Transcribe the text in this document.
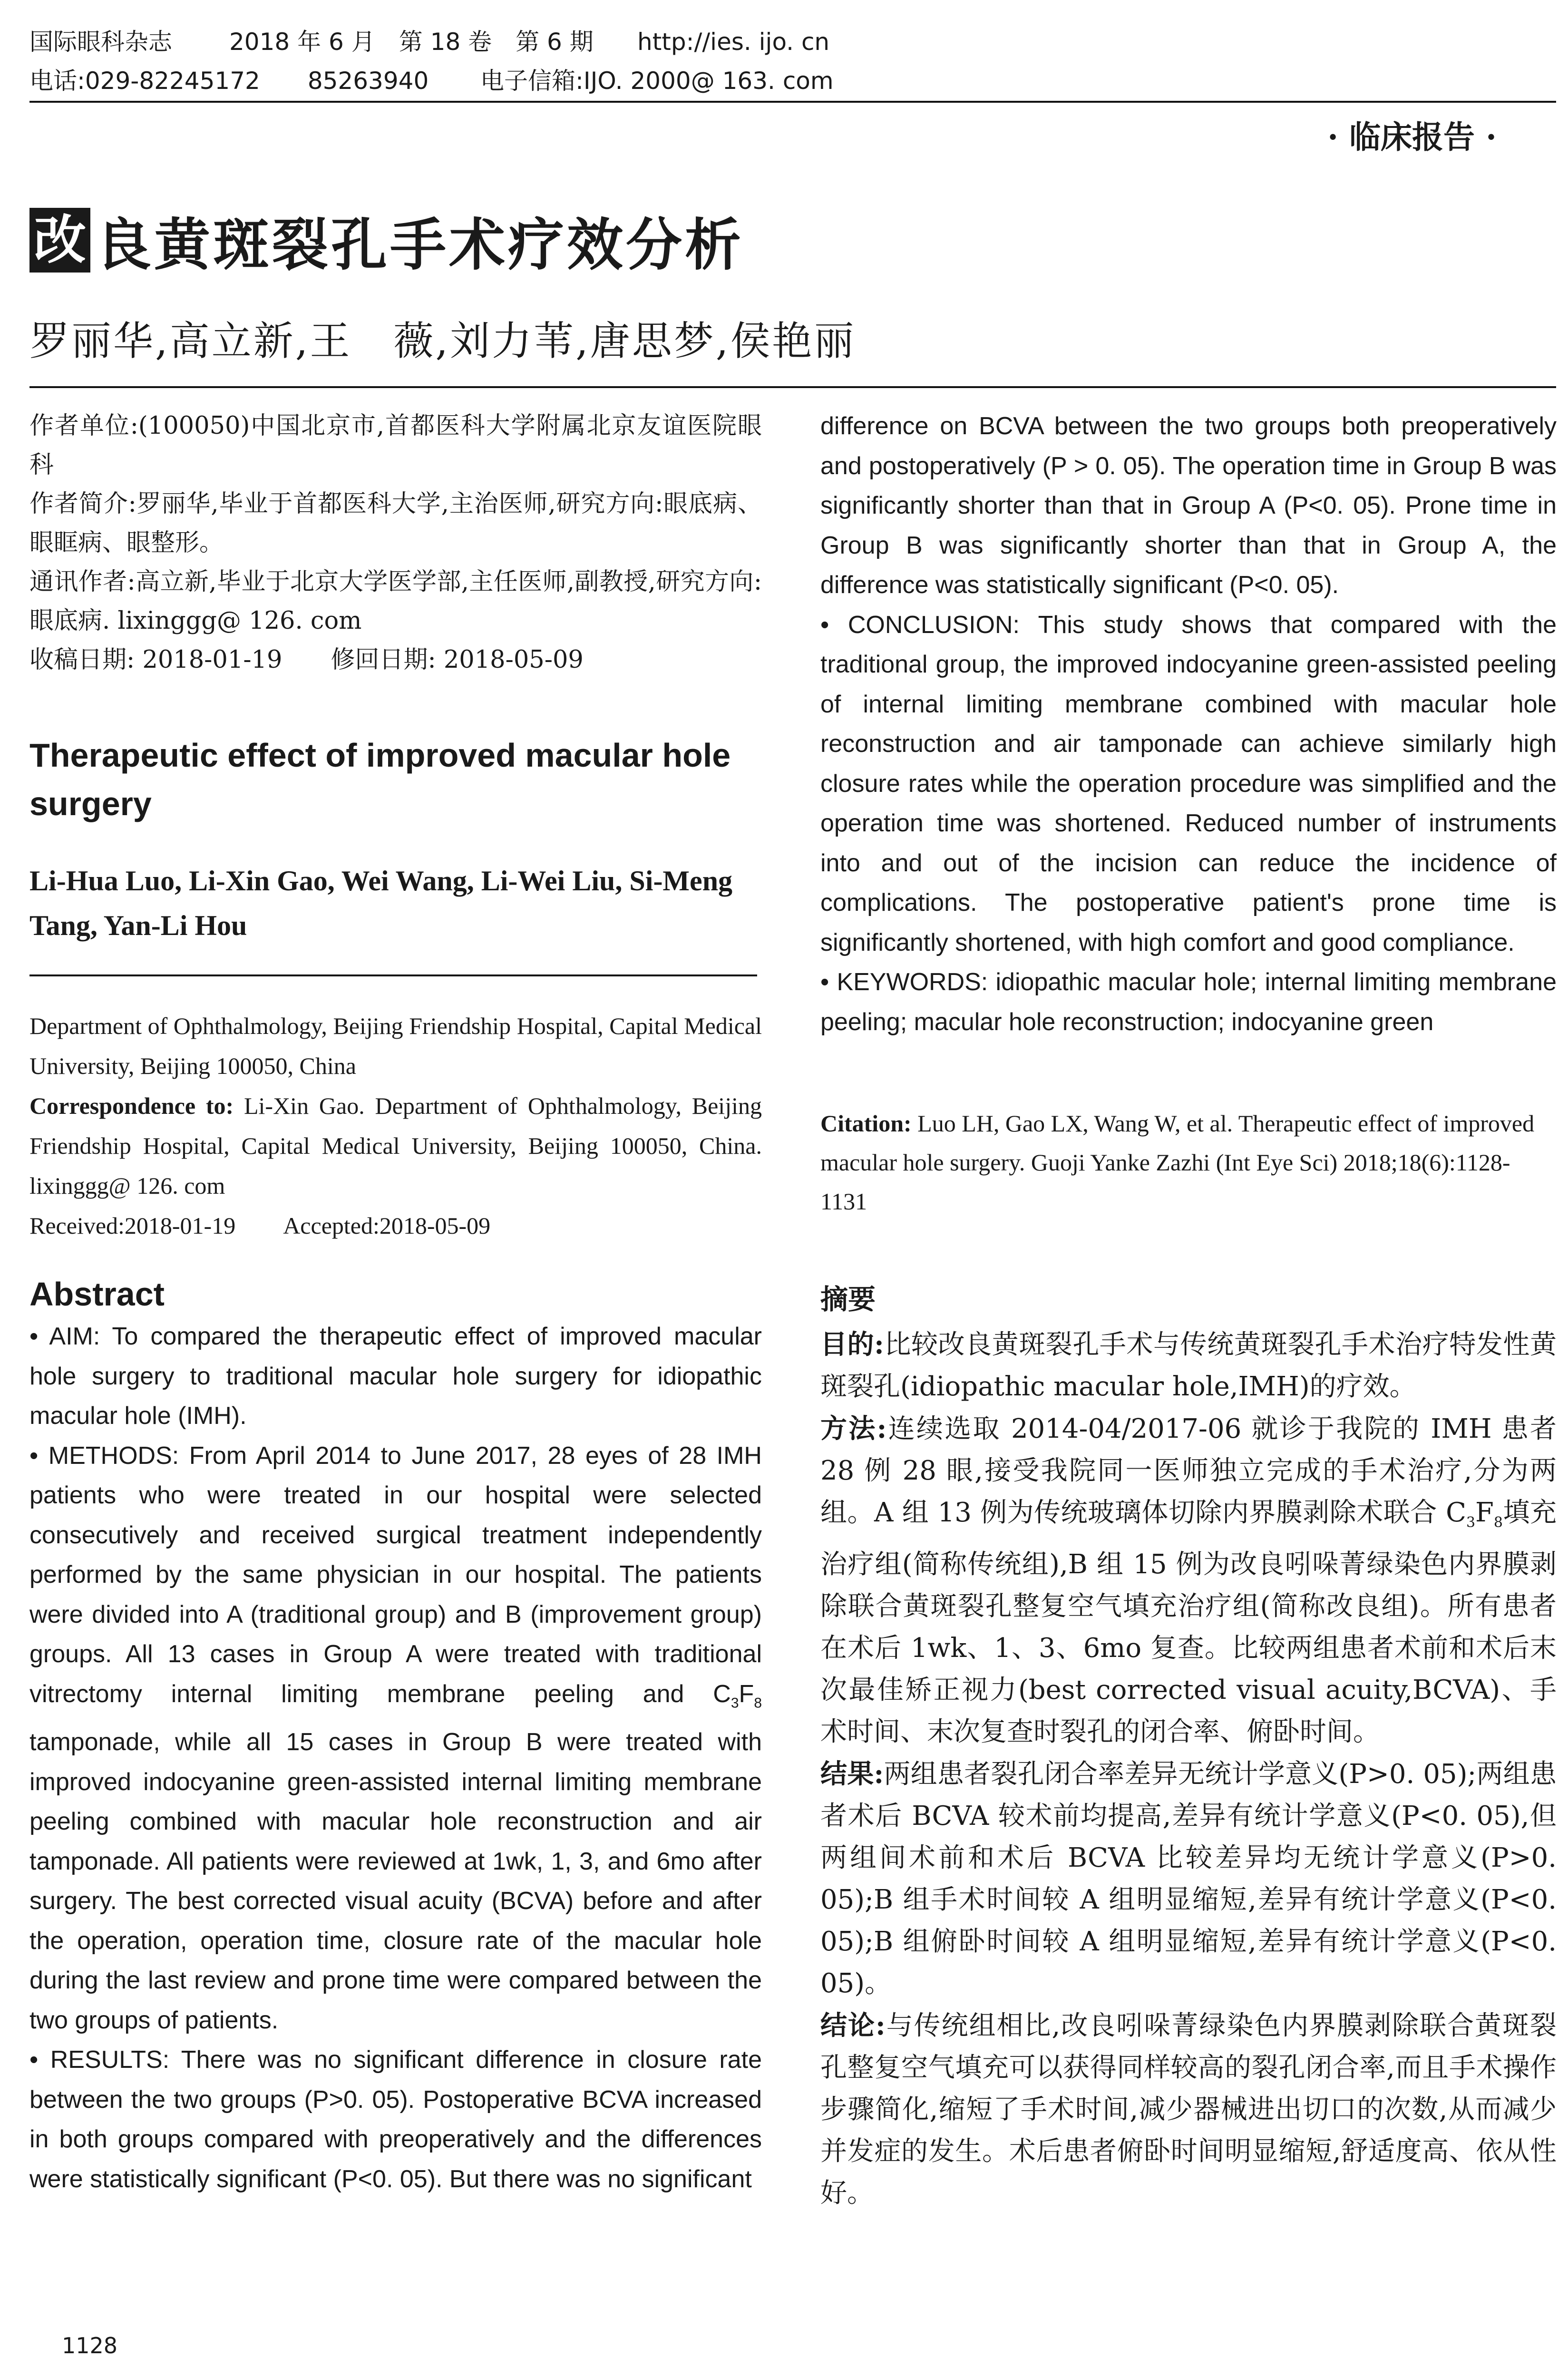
国际眼科杂志 2018 年 6 月　第 18 卷　第 6 期 http://ies. ijo. cn
电话:029-82245172　　85263940 电子信箱:IJO. 2000@ 163. com
· 临床报告 ·
改 良黄斑裂孔手术疗效分析
罗丽华,高立新,王　薇,刘力苇,唐思梦,侯艳丽
作者单位:(100050)中国北京市,首都医科大学附属北京友谊医院眼科
作者简介:罗丽华,毕业于首都医科大学,主治医师,研究方向:眼底病、眼眶病、眼整形。
通讯作者:高立新,毕业于北京大学医学部,主任医师,副教授,研究方向:眼底病. lixinggg@ 126. com
收稿日期: 2018-01-19　　修回日期: 2018-05-09
Therapeutic effect of improved macular hole surgery
Li-Hua Luo, Li-Xin Gao, Wei Wang, Li-Wei Liu, Si-Meng Tang, Yan-Li Hou
Department of Ophthalmology, Beijing Friendship Hospital, Capital Medical University, Beijing 100050, China
Correspondence to: Li-Xin Gao. Department of Ophthalmology, Beijing Friendship Hospital, Capital Medical University, Beijing 100050, China. lixinggg@ 126. com
Received:2018-01-19　　Accepted:2018-05-09
Abstract

• AIM: To compared the therapeutic effect of improved macular hole surgery to traditional macular hole surgery for idiopathic macular hole (IMH).

• METHODS: From April 2014 to June 2017, 28 eyes of 28 IMH patients who were treated in our hospital were selected consecutively and received surgical treatment independently performed by the same physician in our hospital. The patients were divided into A (traditional group) and B (improvement group) groups. All 13 cases in Group A were treated with traditional vitrectomy internal limiting membrane peeling and $C_3F_8$ tamponade, while all 15 cases in Group B were treated with improved indocyanine green-assisted internal limiting membrane peeling combined with macular hole reconstruction and air tamponade. All patients were reviewed at 1wk, 1, 3, and 6mo after surgery. The best corrected visual acuity (BCVA) before and after the operation, operation time, closure rate of the macular hole during the last review and prone time were compared between the two groups of patients.

• RESULTS: There was no significant difference in closure rate between the two groups (P>0. 05). Postoperative BCVA increased in both groups compared with preoperatively and the differences were statistically significant (P<0. 05). But there was no significant

difference on BCVA between the two groups both preoperatively and postoperatively (P > 0. 05). The operation time in Group B was significantly shorter than that in Group A (P<0. 05). Prone time in Group B was significantly shorter than that in Group A, the difference was statistically significant (P<0. 05).

• CONCLUSION: This study shows that compared with the traditional group, the improved indocyanine green-assisted peeling of internal limiting membrane combined with macular hole reconstruction and air tamponade can achieve similarly high closure rates while the operation procedure was simplified and the operation time was shortened. Reduced number of instruments into and out of the incision can reduce the incidence of complications. The postoperative patient's prone time is significantly shortened, with high comfort and good compliance.

• KEYWORDS: idiopathic macular hole; internal limiting membrane peeling; macular hole reconstruction; indocyanine green

Citation: Luo LH, Gao LX, Wang W, et al. Therapeutic effect of improved macular hole surgery. Guoji Yanke Zazhi (Int Eye Sci) 2018;18(6):1128-1131
摘要

目的:比较改良黄斑裂孔手术与传统黄斑裂孔手术治疗特发性黄斑裂孔(idiopathic macular hole,IMH)的疗效。

方法:连续选取 2014-04/2017-06 就诊于我院的 IMH 患者 28 例 28 眼,接受我院同一医师独立完成的手术治疗,分为两组。A 组 13 例为传统玻璃体切除内界膜剥除术联合 $C_3F_8$填充治疗组(简称传统组),B 组 15 例为改良吲哚菁绿染色内界膜剥除联合黄斑裂孔整复空气填充治疗组(简称改良组)。所有患者在术后 1wk、1、3、6mo 复查。比较两组患者术前和术后末次最佳矫正视力(best corrected visual acuity,BCVA)、手术时间、末次复查时裂孔的闭合率、俯卧时间。

结果:两组患者裂孔闭合率差异无统计学意义(P>0. 05);两组患者术后 BCVA 较术前均提高,差异有统计学意义(P<0. 05),但两组间术前和术后 BCVA 比较差异均无统计学意义(P>0. 05);B 组手术时间较 A 组明显缩短,差异有统计学意义(P<0. 05);B 组俯卧时间较 A 组明显缩短,差异有统计学意义(P<0. 05)。

结论:与传统组相比,改良吲哚菁绿染色内界膜剥除联合黄斑裂孔整复空气填充可以获得同样较高的裂孔闭合率,而且手术操作步骤简化,缩短了手术时间,减少器械进出切口的次数,从而减少并发症的发生。术后患者俯卧时间明显缩短,舒适度高、依从性好。

1128
